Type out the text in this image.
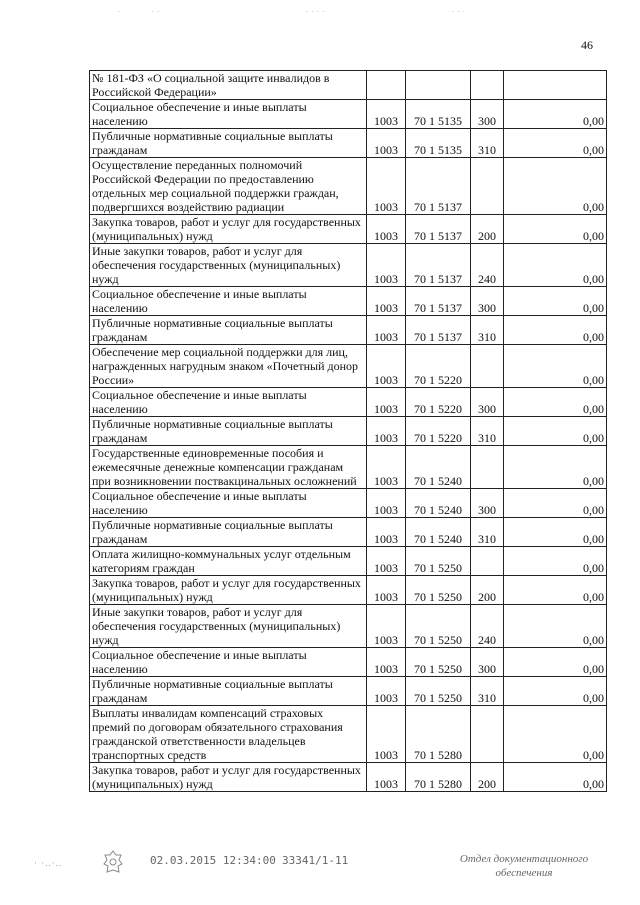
.	. .	. . . .	. . .
46
№ 181-ФЗ «О социальной защите инвалидов в Российской Федерации»				
Социальное обеспечение и иные выплаты населению	1003	70 1 5135	300	0,00
Публичные нормативные социальные выплаты гражданам	1003	70 1 5135	310	0,00
Осуществление переданных полномочий Российской Федерации по предоставлению отдельных мер социальной поддержки граждан, подвергшихся воздействию радиации	1003	70 1 5137		0,00
Закупка товаров, работ и услуг для государственных (муниципальных) нужд	1003	70 1 5137	200	0,00
Иные закупки товаров, работ и услуг для обеспечения государственных (муниципальных) нужд	1003	70 1 5137	240	0,00
Социальное обеспечение и иные выплаты населению	1003	70 1 5137	300	0,00
Публичные нормативные социальные выплаты гражданам	1003	70 1 5137	310	0,00
Обеспечение мер социальной поддержки для лиц, награжденных нагрудным знаком «Почетный донор России»	1003	70 1 5220		0,00
Социальное обеспечение и иные выплаты населению	1003	70 1 5220	300	0,00
Публичные нормативные социальные выплаты гражданам	1003	70 1 5220	310	0,00
Государственные единовременные пособия и ежемесячные денежные компенсации гражданам при возникновении поствакцинальных осложнений	1003	70 1 5240		0,00
Социальное обеспечение и иные выплаты населению	1003	70 1 5240	300	0,00
Публичные нормативные социальные выплаты гражданам	1003	70 1 5240	310	0,00
Оплата жилищно-коммунальных услуг отдельным категориям граждан	1003	70 1 5250		0,00
Закупка товаров, работ и услуг для государственных (муниципальных) нужд	1003	70 1 5250	200	0,00
Иные закупки товаров, работ и услуг для обеспечения государственных (муниципальных) нужд	1003	70 1 5250	240	0,00
Социальное обеспечение и иные выплаты населению	1003	70 1 5250	300	0,00
Публичные нормативные социальные выплаты гражданам	1003	70 1 5250	310	0,00
Выплаты инвалидам компенсаций страховых премий по договорам обязательного страхования гражданской ответственности владельцев транспортных средств	1003	70 1 5280		0,00
Закупка товаров, работ и услуг для государственных (муниципальных) нужд	1003	70 1 5280	200	0,00
· ·..·..	02.03.2015 12:34:00 33341/1-11	Отдел документационного
обеспечения
